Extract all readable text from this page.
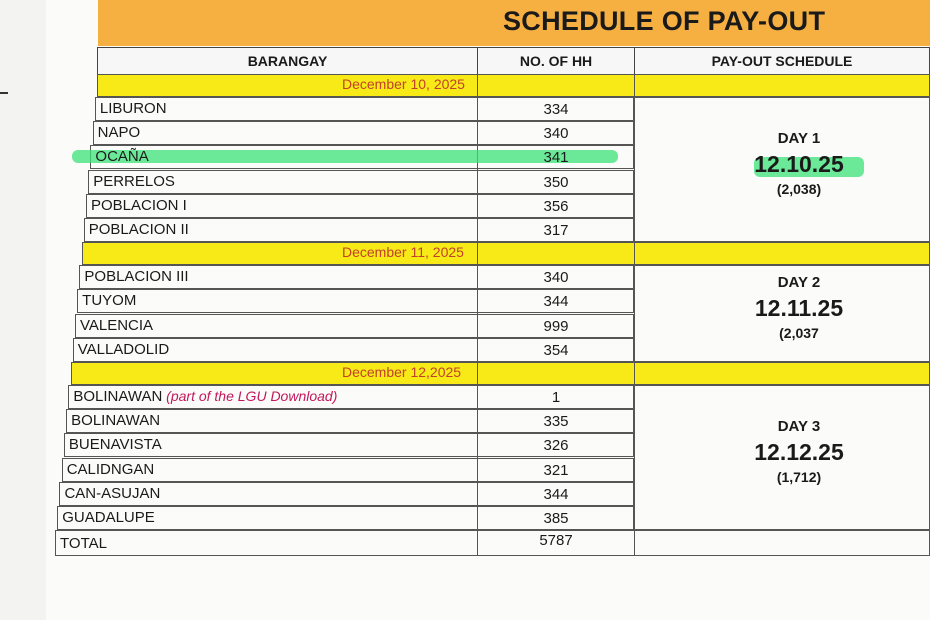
SCHEDULE OF PAY-OUT
BARANGAY	NO. OF HH	PAY-OUT SCHEDULE
December 10, 2025
LIBURON	334
NAPO	340
OCAÑA	341
PERRELOS	350
POBLACION I	356
POBLACION II	317
DAY 1
12.10.25
(2,038)
December 11, 2025
POBLACION III	340
TUYOM	344
VALENCIA	999
VALLADOLID	354
DAY 2
12.11.25
(2,037
December 12,2025
BOLINAWAN (part of the LGU Download)	1
BOLINAWAN	335
BUENAVISTA	326
CALIDNGAN	321
CAN-ASUJAN	344
GUADALUPE	385
DAY 3
12.12.25
(1,712)
TOTAL	5787
